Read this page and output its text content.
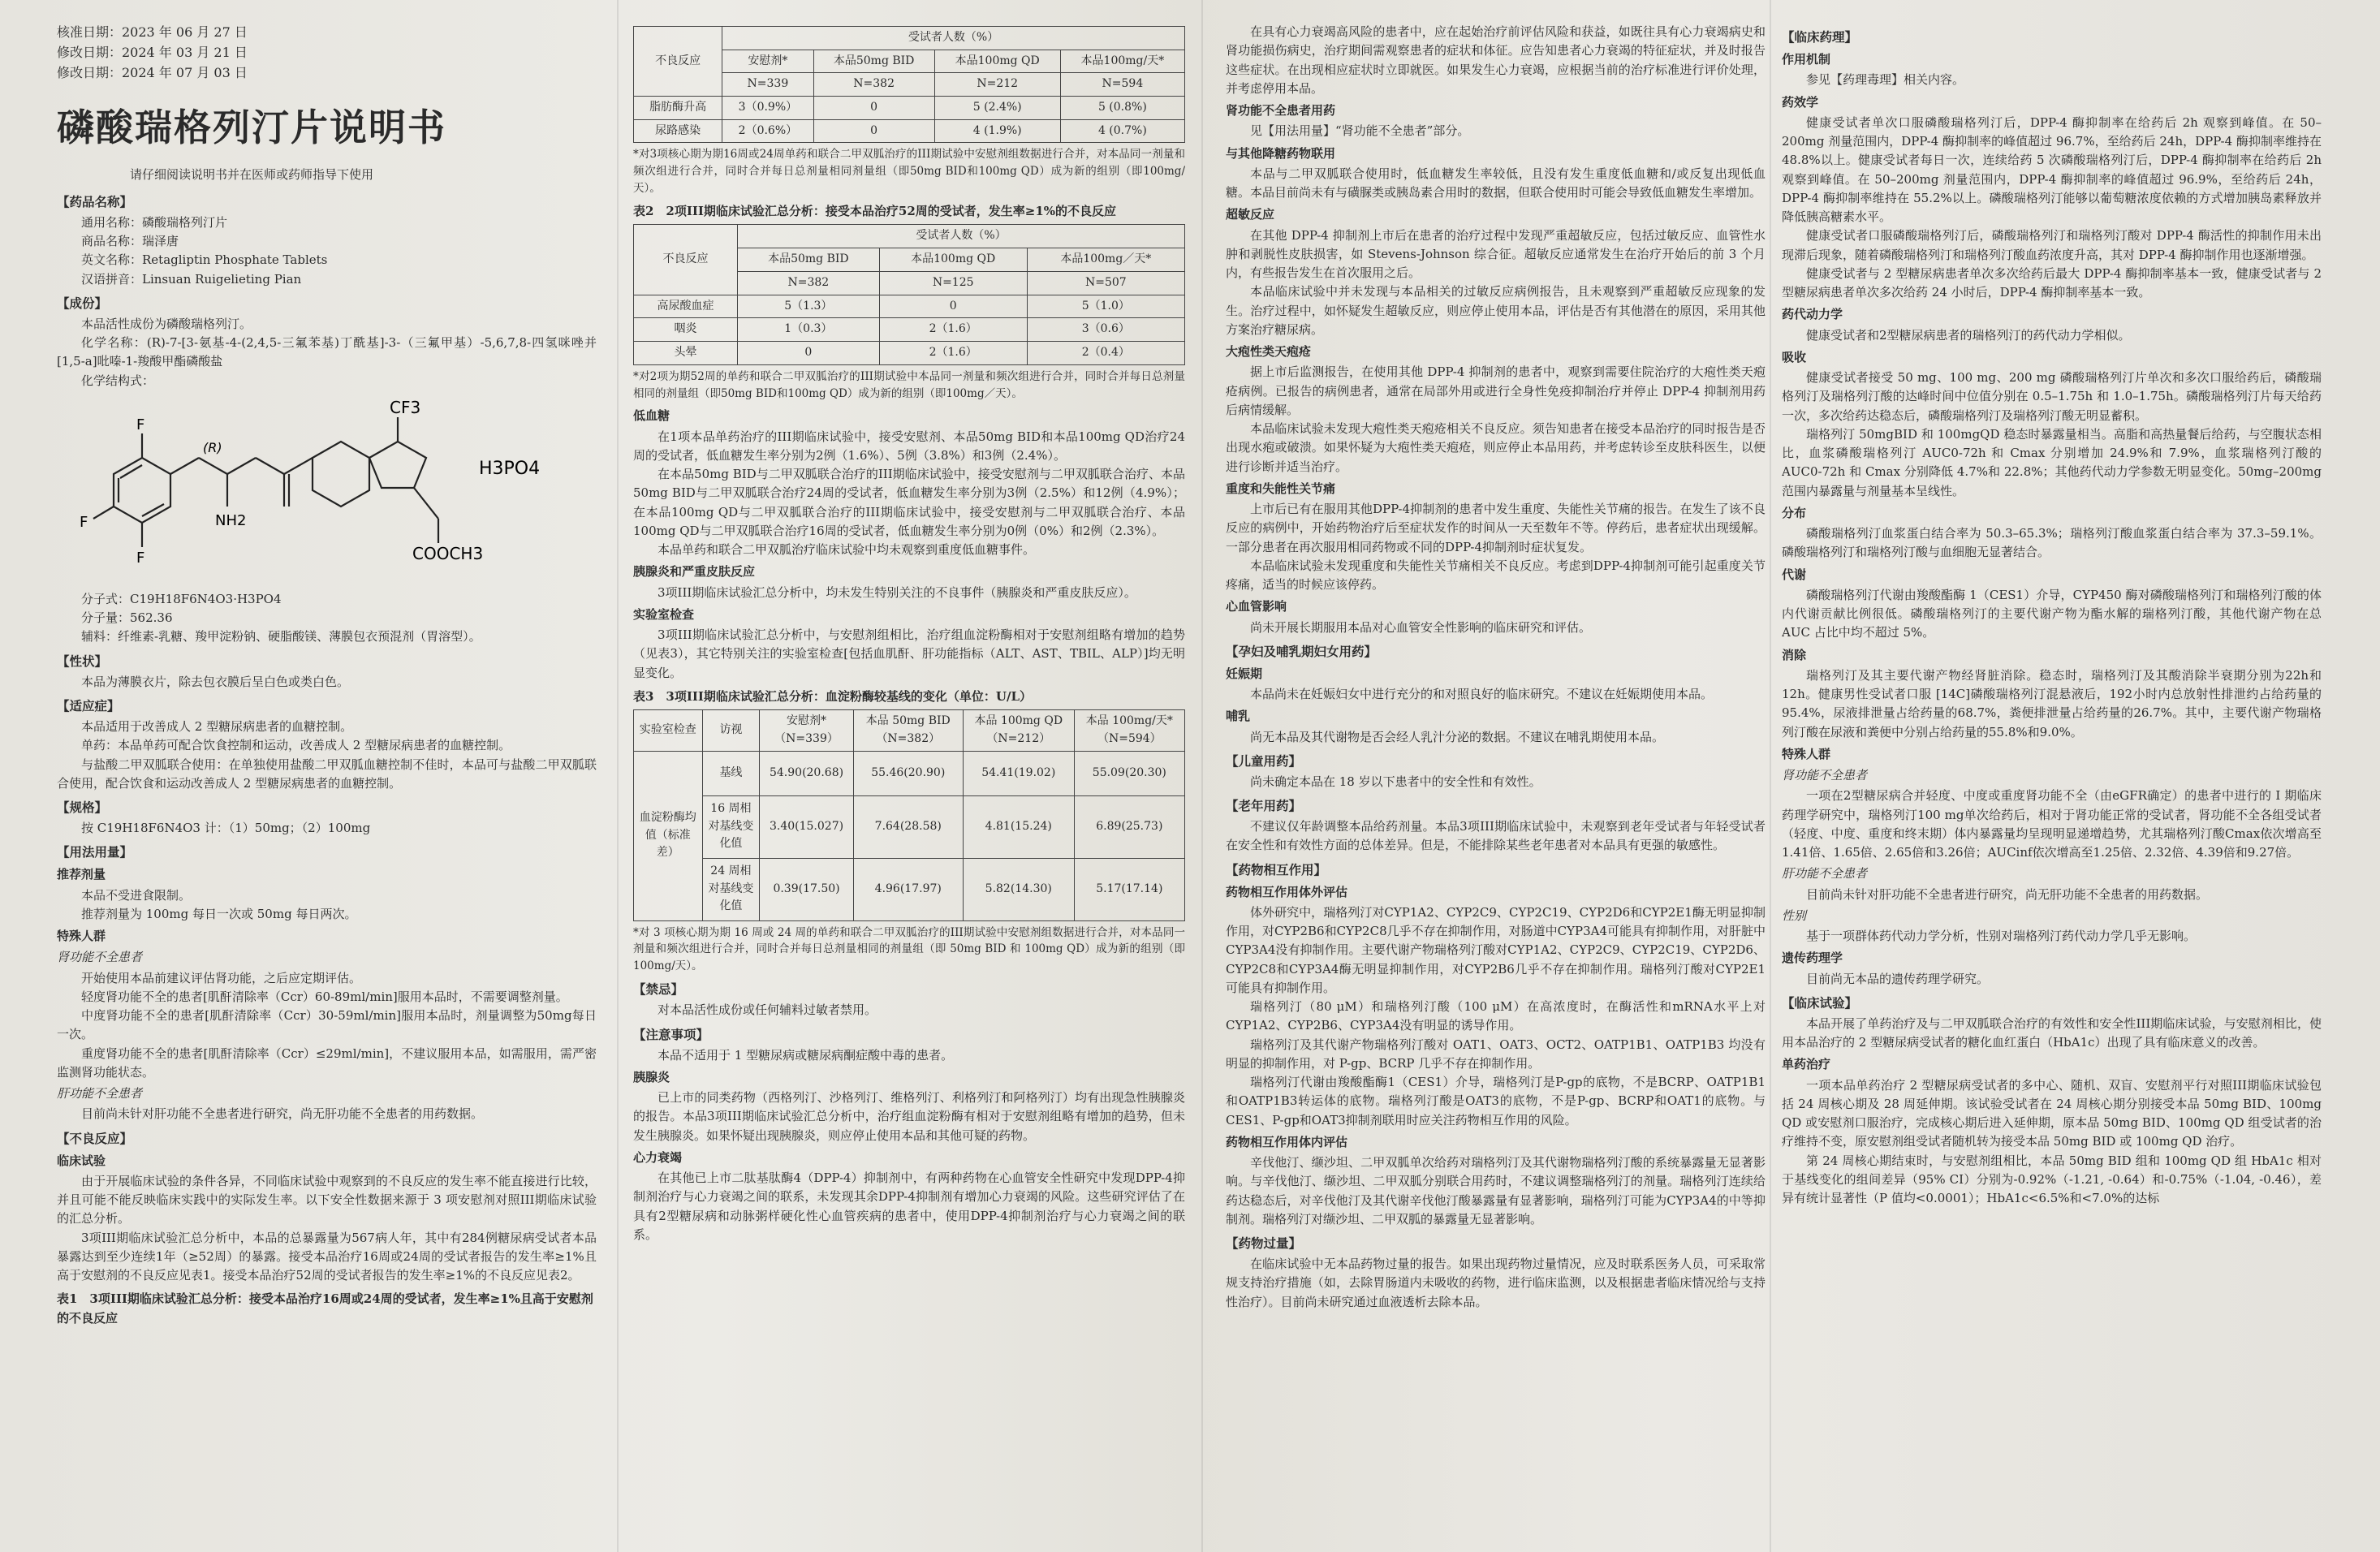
核准日期：2023 年 06 月 27 日

修改日期：2024 年 03 月 21 日

修改日期：2024 年 07 月 03 日

磷酸瑞格列汀片说明书
请仔细阅读说明书并在医师或药师指导下使用
【药品名称】

通用名称：磷酸瑞格列汀片

商品名称：瑞泽唐

英文名称：Retagliptin Phosphate Tablets

汉语拼音：Linsuan Ruigelieting Pian

【成份】

本品活性成份为磷酸瑞格列汀。

化学名称：(R)-7-[3-氨基-4-(2,4,5-三氟苯基)丁酰基]-3-（三氟甲基）-5,6,7,8-四氢咪唑并[1,5-a]吡嗪-1-羧酸甲酯磷酸盐

化学结构式：

CF3
COOCH3
H3PO4
(R)
NH2
F
F
F

分子式：C19H18F6N4O3·H3PO4

分子量：562.36

辅料：纤维素-乳糖、羧甲淀粉钠、硬脂酸镁、薄膜包衣预混剂（胃溶型）。

【性状】

本品为薄膜衣片，除去包衣膜后呈白色或类白色。

【适应症】

本品适用于改善成人 2 型糖尿病患者的血糖控制。

单药：本品单药可配合饮食控制和运动，改善成人 2 型糖尿病患者的血糖控制。

与盐酸二甲双胍联合使用：在单独使用盐酸二甲双胍血糖控制不佳时，本品可与盐酸二甲双胍联合使用，配合饮食和运动改善成人 2 型糖尿病患者的血糖控制。

【规格】

按 C19H18F6N4O3 计：（1）50mg；（2）100mg

【用法用量】
推荐剂量

本品不受进食限制。

推荐剂量为 100mg 每日一次或 50mg 每日两次。

特殊人群
肾功能不全患者

开始使用本品前建议评估肾功能，之后应定期评估。

轻度肾功能不全的患者[肌酐清除率（Ccr）60-89ml/min]服用本品时，不需要调整剂量。

中度肾功能不全的患者[肌酐清除率（Ccr）30-59ml/min]服用本品时，剂量调整为50mg每日一次。

重度肾功能不全的患者[肌酐清除率（Ccr）≤29ml/min]，不建议服用本品，如需服用，需严密监测肾功能状态。

肝功能不全患者

目前尚未针对肝功能不全患者进行研究，尚无肝功能不全患者的用药数据。

【不良反应】
临床试验

由于开展临床试验的条件各异，不同临床试验中观察到的不良反应的发生率不能直接进行比较，并且可能不能反映临床实践中的实际发生率。以下安全性数据来源于 3 项安慰剂对照III期临床试验的汇总分析。

3项III期临床试验汇总分析中，本品的总暴露量为567病人年，其中有284例糖尿病受试者本品暴露达到至少连续1年（≥52周）的暴露。接受本品治疗16周或24周的受试者报告的发生率≥1%且高于安慰剂的不良反应见表1。接受本品治疗52周的受试者报告的发生率≥1%的不良反应见表2。

表1　3项III期临床试验汇总分析：接受本品治疗16周或24周的受试者，发生率≥1%且高于安慰剂的不良反应
不良反应	受试者人数（%）			
	安慰剂*	本品50mg BID	本品100mg QD	本品100mg/天*
	N=339	N=382	N=212	N=594
脂肪酶升高	3（0.9%）	0	5 (2.4%)	5 (0.8%)
尿路感染	2（0.6%）	0	4 (1.9%)	4 (0.7%)

*对3项核心期为期16周或24周单药和联合二甲双胍治疗的III期试验中安慰剂组数据进行合并，对本品同一剂量和频次组进行合并，同时合并每日总剂量相同剂量组（即50mg BID和100mg QD）成为新的组别（即100mg/天）。

表2　2项III期临床试验汇总分析：接受本品治疗52周的受试者，发生率≥1%的不良反应
不良反应	受试者人数（%）		
	本品50mg BID	本品100mg QD	本品100mg／天*
	N=382	N=125	N=507
高尿酸血症	5（1.3）	0	5（1.0）
咽炎	1（0.3）	2（1.6）	3（0.6）
头晕	0	2（1.6）	2（0.4）

*对2项为期52周的单药和联合二甲双胍治疗的III期试验中本品同一剂量和频次组进行合并，同时合并每日总剂量相同的剂量组（即50mg BID和100mg QD）成为新的组别（即100mg／天）。

低血糖

在1项本品单药治疗的III期临床试验中，接受安慰剂、本品50mg BID和本品100mg QD治疗24周的受试者，低血糖发生率分别为2例（1.6%）、5例（3.8%）和3例（2.4%）。

在本品50mg BID与二甲双胍联合治疗的III期临床试验中，接受安慰剂与二甲双胍联合治疗、本品50mg BID与二甲双胍联合治疗24周的受试者，低血糖发生率分别为3例（2.5%）和12例（4.9%）；在本品100mg QD与二甲双胍联合治疗的III期临床试验中，接受安慰剂与二甲双胍联合治疗、本品100mg QD与二甲双胍联合治疗16周的受试者，低血糖发生率分别为0例（0%）和2例（2.3%）。

本品单药和联合二甲双胍治疗临床试验中均未观察到重度低血糖事件。

胰腺炎和严重皮肤反应

3项III期临床试验汇总分析中，均未发生特别关注的不良事件（胰腺炎和严重皮肤反应）。

实验室检查

3项III期临床试验汇总分析中，与安慰剂组相比，治疗组血淀粉酶相对于安慰剂组略有增加的趋势（见表3），其它特别关注的实验室检查[包括血肌酐、肝功能指标（ALT、AST、TBIL、ALP）]均无明显变化。

表3　3项III期临床试验汇总分析：血淀粉酶较基线的变化（单位：U/L）
实验室检查	访视	安慰剂*（N=339）	本品 50mg BID（N=382）	本品 100mg QD（N=212）	本品 100mg/天*（N=594）
血淀粉酶均值（标准差）	基线	54.90(20.68)	55.46(20.90)	54.41(19.02)	55.09(20.30)
	16 周相对基线变化值	3.40(15.027)	7.64(28.58)	4.81(15.24)	6.89(25.73)
	24 周相对基线变化值	0.39(17.50)	4.96(17.97)	5.82(14.30)	5.17(17.14)

*对 3 项核心期为期 16 周或 24 周的单药和联合二甲双胍治疗的III期试验中安慰剂组数据进行合并，对本品同一剂量和频次组进行合并，同时合并每日总剂量相同的剂量组（即 50mg BID 和 100mg QD）成为新的组别（即 100mg/天）。

【禁忌】

对本品活性成份或任何辅料过敏者禁用。

【注意事项】

本品不适用于 1 型糖尿病或糖尿病酮症酸中毒的患者。

胰腺炎

已上市的同类药物（西格列汀、沙格列汀、维格列汀、利格列汀和阿格列汀）均有出现急性胰腺炎的报告。本品3项III期临床试验汇总分析中，治疗组血淀粉酶有相对于安慰剂组略有增加的趋势，但未发生胰腺炎。如果怀疑出现胰腺炎，则应停止使用本品和其他可疑的药物。

心力衰竭

在其他已上市二肽基肽酶4（DPP-4）抑制剂中，有两种药物在心血管安全性研究中发现DPP-4抑制剂治疗与心力衰竭之间的联系，未发现其余DPP-4抑制剂有增加心力衰竭的风险。这些研究评估了在具有2型糖尿病和动脉粥样硬化性心血管疾病的患者中，使用DPP-4抑制剂治疗与心力衰竭之间的联系。

在具有心力衰竭高风险的患者中，应在起始治疗前评估风险和获益，如既往具有心力衰竭病史和肾功能损伤病史，治疗期间需观察患者的症状和体征。应告知患者心力衰竭的特征症状，并及时报告这些症状。在出现相应症状时立即就医。如果发生心力衰竭，应根据当前的治疗标准进行评价处理，并考虑停用本品。

肾功能不全患者用药

见【用法用量】“肾功能不全患者”部分。

与其他降糖药物联用

本品与二甲双胍联合使用时，低血糖发生率较低，且没有发生重度低血糖和/或反复出现低血糖。本品目前尚未有与磺脲类或胰岛素合用时的数据，但联合使用时可能会导致低血糖发生率增加。

超敏反应

在其他 DPP-4 抑制剂上市后在患者的治疗过程中发现严重超敏反应，包括过敏反应、血管性水肿和剥脱性皮肤损害，如 Stevens-Johnson 综合征。超敏反应通常发生在治疗开始后的前 3 个月内，有些报告发生在首次服用之后。

本品临床试验中并未发现与本品相关的过敏反应病例报告，且未观察到严重超敏反应现象的发生。治疗过程中，如怀疑发生超敏反应，则应停止使用本品，评估是否有其他潜在的原因，采用其他方案治疗糖尿病。

大疱性类天疱疮

据上市后监测报告，在使用其他 DPP-4 抑制剂的患者中，观察到需要住院治疗的大疱性类天疱疮病例。已报告的病例患者，通常在局部外用或进行全身性免疫抑制治疗并停止 DPP-4 抑制剂用药后病情缓解。

本品临床试验未发现大疱性类天疱疮相关不良反应。须告知患者在接受本品治疗的同时报告是否出现水疱或破溃。如果怀疑为大疱性类天疱疮，则应停止本品用药，并考虑转诊至皮肤科医生，以便进行诊断并适当治疗。

重度和失能性关节痛

上市后已有在服用其他DPP-4抑制剂的患者中发生重度、失能性关节痛的报告。在发生了该不良反应的病例中，开始药物治疗后至症状发作的时间从一天至数年不等。停药后，患者症状出现缓解。一部分患者在再次服用相同药物或不同的DPP-4抑制剂时症状复发。

本品临床试验未发现重度和失能性关节痛相关不良反应。考虑到DPP-4抑制剂可能引起重度关节疼痛，适当的时候应该停药。

心血管影响

尚未开展长期服用本品对心血管安全性影响的临床研究和评估。

【孕妇及哺乳期妇女用药】
妊娠期

本品尚未在妊娠妇女中进行充分的和对照良好的临床研究。不建议在妊娠期使用本品。

哺乳

尚无本品及其代谢物是否会经人乳汁分泌的数据。不建议在哺乳期使用本品。

【儿童用药】

尚未确定本品在 18 岁以下患者中的安全性和有效性。

【老年用药】

不建议仅年龄调整本品给药剂量。本品3项III期临床试验中，未观察到老年受试者与年轻受试者在安全性和有效性方面的总体差异。但是，不能排除某些老年患者对本品具有更强的敏感性。

【药物相互作用】
药物相互作用体外评估

体外研究中，瑞格列汀对CYP1A2、CYP2C9、CYP2C19、CYP2D6和CYP2E1酶无明显抑制作用，对CYP2B6和CYP2C8几乎不存在抑制作用，对肠道中CYP3A4可能具有抑制作用，对肝脏中CYP3A4没有抑制作用。主要代谢产物瑞格列汀酸对CYP1A2、CYP2C9、CYP2C19、CYP2D6、CYP2C8和CYP3A4酶无明显抑制作用，对CYP2B6几乎不存在抑制作用。瑞格列汀酸对CYP2E1可能具有抑制作用。

瑞格列汀（80 μM）和瑞格列汀酸（100 μM）在高浓度时，在酶活性和mRNA水平上对CYP1A2、CYP2B6、CYP3A4没有明显的诱导作用。

瑞格列汀及其代谢产物瑞格列汀酸对 OAT1、OAT3、OCT2、OATP1B1、OATP1B3 均没有明显的抑制作用，对 P-gp、BCRP 几乎不存在抑制作用。

瑞格列汀代谢由羧酸酯酶1（CES1）介导，瑞格列汀是P-gp的底物，不是BCRP、OATP1B1和OATP1B3转运体的底物。瑞格列汀酸是OAT3的底物，不是P-gp、BCRP和OAT1的底物。与CES1、P-gp和OAT3抑制剂联用时应关注药物相互作用的风险。

药物相互作用体内评估

辛伐他汀、缬沙坦、二甲双胍单次给药对瑞格列汀及其代谢物瑞格列汀酸的系统暴露量无显著影响。与辛伐他汀、缬沙坦、二甲双胍分别联合用药时，不建议调整瑞格列汀的剂量。瑞格列汀连续给药达稳态后，对辛伐他汀及其代谢辛伐他汀酸暴露量有显著影响，瑞格列汀可能为CYP3A4的中等抑制剂。瑞格列汀对缬沙坦、二甲双胍的暴露量无显著影响。

【药物过量】

在临床试验中无本品药物过量的报告。如果出现药物过量情况，应及时联系医务人员，可采取常规支持治疗措施（如，去除胃肠道内未吸收的药物，进行临床监测，以及根据患者临床情况给与支持性治疗）。目前尚未研究通过血液透析去除本品。

【临床药理】
作用机制

参见【药理毒理】相关内容。

药效学

健康受试者单次口服磷酸瑞格列汀后，DPP-4 酶抑制率在给药后 2h 观察到峰值。在 50–200mg 剂量范围内，DPP-4 酶抑制率的峰值超过 96.7%，至给药后 24h，DPP-4 酶抑制率维持在 48.8%以上。健康受试者每日一次，连续给药 5 次磷酸瑞格列汀后，DPP-4 酶抑制率在给药后 2h 观察到峰值。在 50–200mg 剂量范围内，DPP-4 酶抑制率的峰值超过 96.9%，至给药后 24h，DPP-4 酶抑制率维持在 55.2%以上。磷酸瑞格列汀能够以葡萄糖浓度依赖的方式增加胰岛素释放并降低胰高糖素水平。

健康受试者口服磷酸瑞格列汀后，磷酸瑞格列汀和瑞格列汀酸对 DPP-4 酶活性的抑制作用未出现滞后现象，随着磷酸瑞格列汀和瑞格列汀酸血药浓度升高，其对 DPP-4 酶抑制作用也逐渐增强。

健康受试者与 2 型糖尿病患者单次多次给药后最大 DPP-4 酶抑制率基本一致，健康受试者与 2 型糖尿病患者单次多次给药 24 小时后，DPP-4 酶抑制率基本一致。

药代动力学

健康受试者和2型糖尿病患者的瑞格列汀的药代动力学相似。

吸收

健康受试者接受 50 mg、100 mg、200 mg 磷酸瑞格列汀片单次和多次口服给药后，磷酸瑞格列汀及瑞格列汀酸的达峰时间中位值分别在 0.5–1.75h 和 1.0–1.75h。磷酸瑞格列汀片每天给药一次，多次给药达稳态后，磷酸瑞格列汀及瑞格列汀酸无明显蓄积。

瑞格列汀 50mgBID 和 100mgQD 稳态时暴露量相当。高脂和高热量餐后给药，与空腹状态相比，血浆磷酸瑞格列汀 AUC0-72h 和 Cmax 分别增加 24.9%和 7.9%，血浆瑞格列汀酸的 AUC0-72h 和 Cmax 分别降低 4.7%和 22.8%；其他药代动力学参数无明显变化。50mg–200mg 范围内暴露量与剂量基本呈线性。

分布

磷酸瑞格列汀血浆蛋白结合率为 50.3–65.3%；瑞格列汀酸血浆蛋白结合率为 37.3–59.1%。磷酸瑞格列汀和瑞格列汀酸与血细胞无显著结合。

代谢

磷酸瑞格列汀代谢由羧酸酯酶 1（CES1）介导，CYP450 酶对磷酸瑞格列汀和瑞格列汀酸的体内代谢贡献比例很低。磷酸瑞格列汀的主要代谢产物为酯水解的瑞格列汀酸，其他代谢产物在总 AUC 占比中均不超过 5%。

消除

瑞格列汀及其主要代谢产物经肾脏消除。稳态时，瑞格列汀及其酸消除半衰期分别为22h和12h。健康男性受试者口服 [14C]磷酸瑞格列汀混悬液后，192小时内总放射性排泄约占给药量的95.4%，尿液排泄量占给药量的68.7%，粪便排泄量占给药量的26.7%。其中，主要代谢产物瑞格列汀酸在尿液和粪便中分别占给药量的55.8%和9.0%。

特殊人群
肾功能不全患者

一项在2型糖尿病合并轻度、中度或重度肾功能不全（由eGFR确定）的患者中进行的 I 期临床药理学研究中，瑞格列汀100 mg单次给药后，相对于肾功能正常的受试者，肾功能不全各组受试者（轻度、中度、重度和终末期）体内暴露量均呈现明显递增趋势，尤其瑞格列汀酸Cmax依次增高至1.41倍、1.65倍、2.65倍和3.26倍；AUCinf依次增高至1.25倍、2.32倍、4.39倍和9.27倍。

肝功能不全患者

目前尚未针对肝功能不全患者进行研究，尚无肝功能不全患者的用药数据。

性别

基于一项群体药代动力学分析，性别对瑞格列汀药代动力学几乎无影响。

遗传药理学

目前尚无本品的遗传药理学研究。

【临床试验】

本品开展了单药治疗及与二甲双胍联合治疗的有效性和安全性III期临床试验，与安慰剂相比，使用本品治疗的 2 型糖尿病受试者的糖化血红蛋白（HbA1c）出现了具有临床意义的改善。

单药治疗

一项本品单药治疗 2 型糖尿病受试者的多中心、随机、双盲、安慰剂平行对照III期临床试验包括 24 周核心期及 28 周延伸期。该试验受试者在 24 周核心期分别接受本品 50mg BID、100mg QD 或安慰剂口服治疗，完成核心期后进入延伸期，原本品 50mg BID、100mg QD 组受试者的治疗维持不变，原安慰剂组受试者随机转为接受本品 50mg BID 或 100mg QD 治疗。

第 24 周核心期结束时，与安慰剂组相比，本品 50mg BID 组和 100mg QD 组 HbA1c 相对于基线变化的组间差异（95% CI）分别为-0.92%（-1.21, -0.64）和-0.75%（-1.04, -0.46），差异有统计显著性（P 值均<0.0001）；HbA1c<6.5%和<7.0%的达标
